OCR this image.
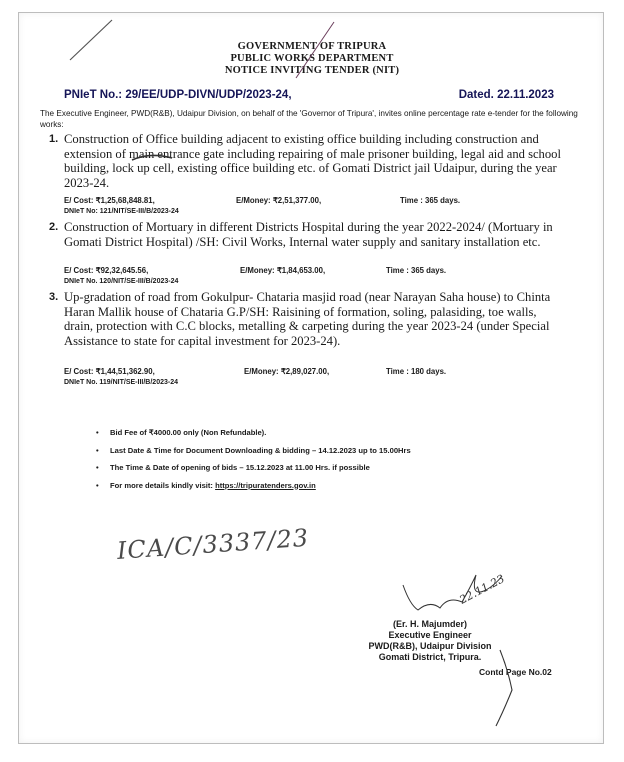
GOVERNMENT OF TRIPURA
PUBLIC WORKS DEPARTMENT
NOTICE INVITING TENDER (NIT)
PNIeT No.: 29/EE/UDP-DIVN/UDP/2023-24,	Dated. 22.11.2023
The Executive Engineer, PWD(R&B), Udaipur Division, on behalf of the 'Governor of Tripura', invites online percentage rate e-tender for the following works:
1. Construction of Office building adjacent to existing office building including construction and extension of main entrance gate including repairing of male prisoner building, legal aid and school building, lock up cell, existing office building etc. of Gomati District jail Udaipur, during the year 2023-24.
E/ Cost: ₹1,25,68,848.81,	E/Money: ₹2,51,377.00,	Time : 365 days.
DNIeT No: 121/NIT/SE-III/B/2023-24
2. Construction of Mortuary in different Districts Hospital during the year 2022-2024/ (Mortuary in Gomati District Hospital) /SH: Civil Works, Internal water supply and sanitary installation etc.
E/ Cost: ₹92,32,645.56,	E/Money: ₹1,84,653.00,	Time : 365 days.
DNIeT No. 120/NIT/SE-III/B/2023-24
3. Up-gradation of road from Gokulpur- Chataria masjid road (near Narayan Saha house) to Chinta Haran Mallik house of Chataria G.P/SH: Raisining of formation, soling, palasiding, toe walls, drain, protection with C.C blocks, metalling & carpeting during the year 2023-24 (under Special Assistance to state for capital investment for 2023-24).
E/ Cost: ₹1,44,51,362.90,	E/Money: ₹2,89,027.00,	Time : 180 days.
DNIeT No. 119/NIT/SE-III/B/2023-24
• Bid Fee of ₹4000.00 only (Non Refundable).
• Last Date & Time for Document Downloading & bidding – 14.12.2023 up to 15.00Hrs
• The Time & Date of opening of bids – 15.12.2023 at 11.00 Hrs. if possible
• For more details kindly visit: https://tripuratenders.gov.in
ICA/C/3337/23
(Er. H. Majumder)
Executive Engineer
PWD(R&B), Udaipur Division
Gomati District, Tripura.
Contd Page No.02
22.11.23
